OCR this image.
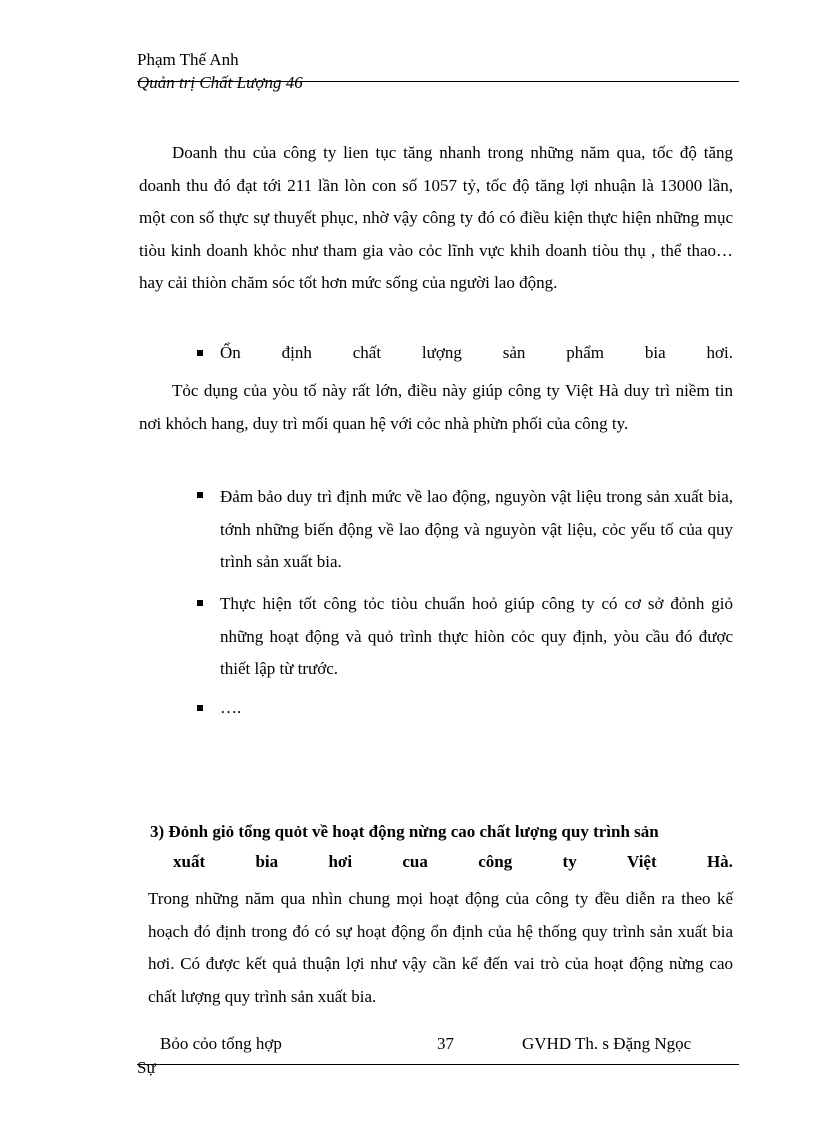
Phạm Thế Anh
Quản trị Chất Lượng 46

Doanh thu của công ty lien tục tăng nhanh trong những năm qua, tốc độ tăng doanh thu đó đạt tới 211 lần lòn con số 1057 tỷ, tốc độ tăng lợi nhuận là 13000 lần, một con số thực sự thuyết phục, nhờ vậy công ty đó có điều kiện thực hiện những mục tiòu kinh doanh khỏc như tham gia vào cỏc lĩnh vực khih doanh tiòu thụ , thể thao…hay cải thiòn chăm sóc tốt hơn mức sống của người lao động.

Ổn định chất lượng sản phẩm bia hơi.

Tỏc dụng của yòu tố này rất lớn, điều này giúp công ty Việt Hà duy trì niềm tin nơi khỏch hang, duy trì mối quan hệ với cỏc nhà phừn phối của công ty.

Đảm bảo duy trì định mức về lao động, nguyòn vật liệu trong sản xuất bia, tớnh những biến động về lao động và nguyòn vật liệu, cỏc yếu tố của quy trình sản xuất bia.

Thực hiện tốt công tỏc tiòu chuẩn hoỏ giúp công ty có cơ sở đỏnh giỏ những hoạt động và quỏ trình thực hiòn cỏc quy định, yòu cầu đó được thiết lập từ trước.

….

3) Đỏnh giỏ tổng quỏt về hoạt động nừng cao chất lượng quy trình sản
xuất	bia	hơi	cua	công	ty	Việt	Hà.

Trong những năm qua nhìn chung mọi hoạt động của công ty đều diễn ra theo kế hoạch đó định trong đó có sự hoạt động ổn định của hệ thống quy trình sản xuất bia hơi. Có được kết quả thuận lợi như vậy cần kể đến vai trò của hoạt động nừng cao chất lượng quy trình sản xuất bia.

Bỏo cỏo tổng hợp	37	GVHD Th. s Đặng Ngọc
Sự
